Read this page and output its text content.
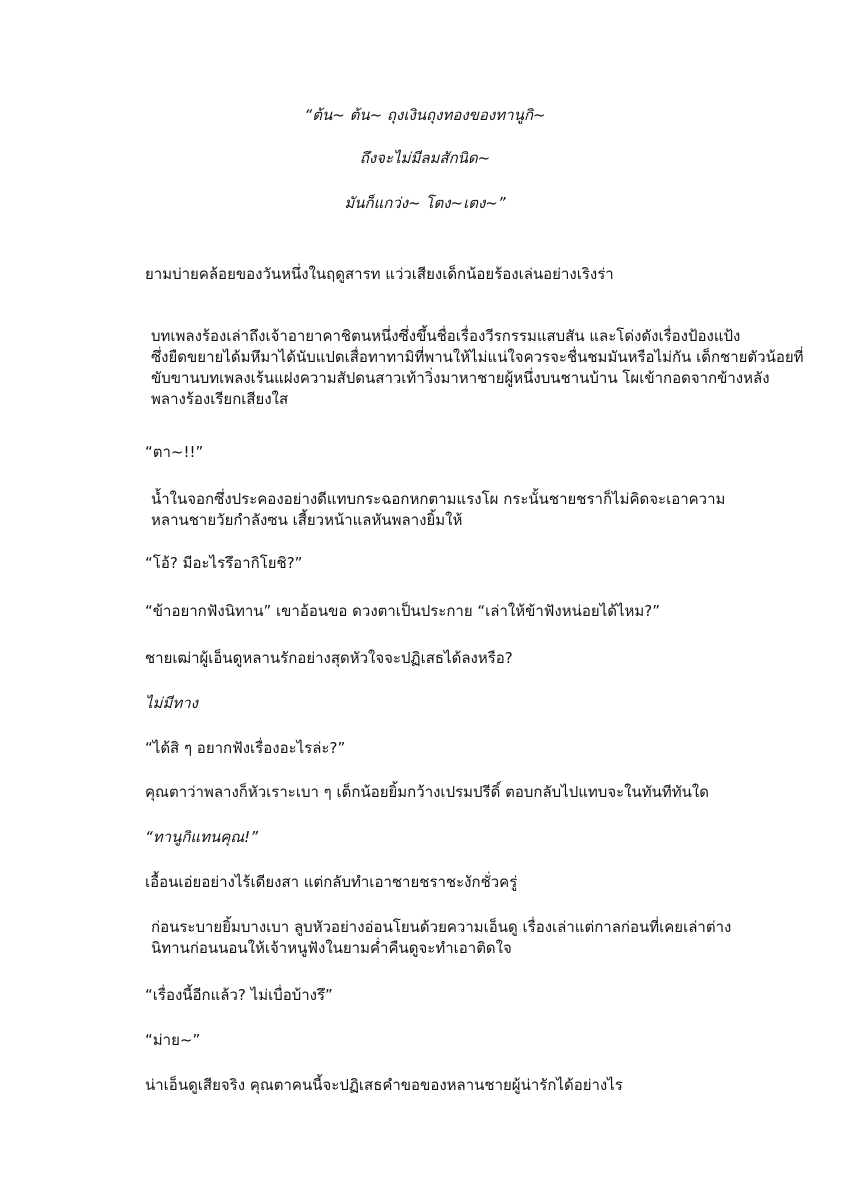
“ต้น~ ต้น~ ถุงเงินถุงทองของทานูกิ~
ถึงจะไม่มีลมสักนิด~
มันก็แกว่ง~ โตง~เตง~”

ยามบ่ายคล้อยของวันหนึ่งในฤดูสารท แว่วเสียงเด็กน้อยร้องเล่นอย่างเริงร่า

บทเพลงร้องเล่าถึงเจ้าอายาคาชิตนหนึ่งซึ่งขึ้นชื่อเรื่องวีรกรรมแสบสัน และโด่งดังเรื่องป้องแป้ง
ซึ่งยืดขยายได้มหึมาได้นับแปดเสื่อทาทามิที่พานให้ไม่แน่ใจควรจะชื่นชมมันหรือไม่กัน เด็กชายตัวน้อยที่
ขับขานบทเพลงเร้นแฝงความสัปดนสาวเท้าวิ่งมาหาชายผู้หนึ่งบนชานบ้าน โผเข้ากอดจากข้างหลัง
พลางร้องเรียกเสียงใส

“ตา~!!”

น้ำในจอกซึ่งประคองอย่างดีแทบกระฉอกหกตามแรงโผ กระนั้นชายชราก็ไม่คิดจะเอาความ
หลานชายวัยกำลังซน เสี้ยวหน้าแลหันพลางยิ้มให้

“โอ้? มีอะไรรึอากิโยชิ?”

“ข้าอยากฟังนิทาน” เขาอ้อนขอ ดวงตาเป็นประกาย “เล่าให้ข้าฟังหน่อยได้ไหม?”

ชายเฒ่าผู้เอ็นดูหลานรักอย่างสุดหัวใจจะปฏิเสธได้ลงหรือ?

ไม่มีทาง

“ได้สิ ๆ อยากฟังเรื่องอะไรล่ะ?”

คุณตาว่าพลางก็หัวเราะเบา ๆ เด็กน้อยยิ้มกว้างเปรมปรีดิ์ ตอบกลับไปแทบจะในทันทีทันใด

“ทานูกิแทนคุณ!”

เอื้อนเอ่ยอย่างไร้เดียงสา แต่กลับทำเอาชายชราชะงักชั่วครู่

ก่อนระบายยิ้มบางเบา ลูบหัวอย่างอ่อนโยนด้วยความเอ็นดู เรื่องเล่าแต่กาลก่อนที่เคยเล่าต่าง
นิทานก่อนนอนให้เจ้าหนูฟังในยามค่ำคืนดูจะทำเอาติดใจ

“เรื่องนี้อีกแล้ว? ไม่เบื่อบ้างรึ”

“ม่าย~”

น่าเอ็นดูเสียจริง คุณตาคนนี้จะปฏิเสธคำขอของหลานชายผู้น่ารักได้อย่างไร
